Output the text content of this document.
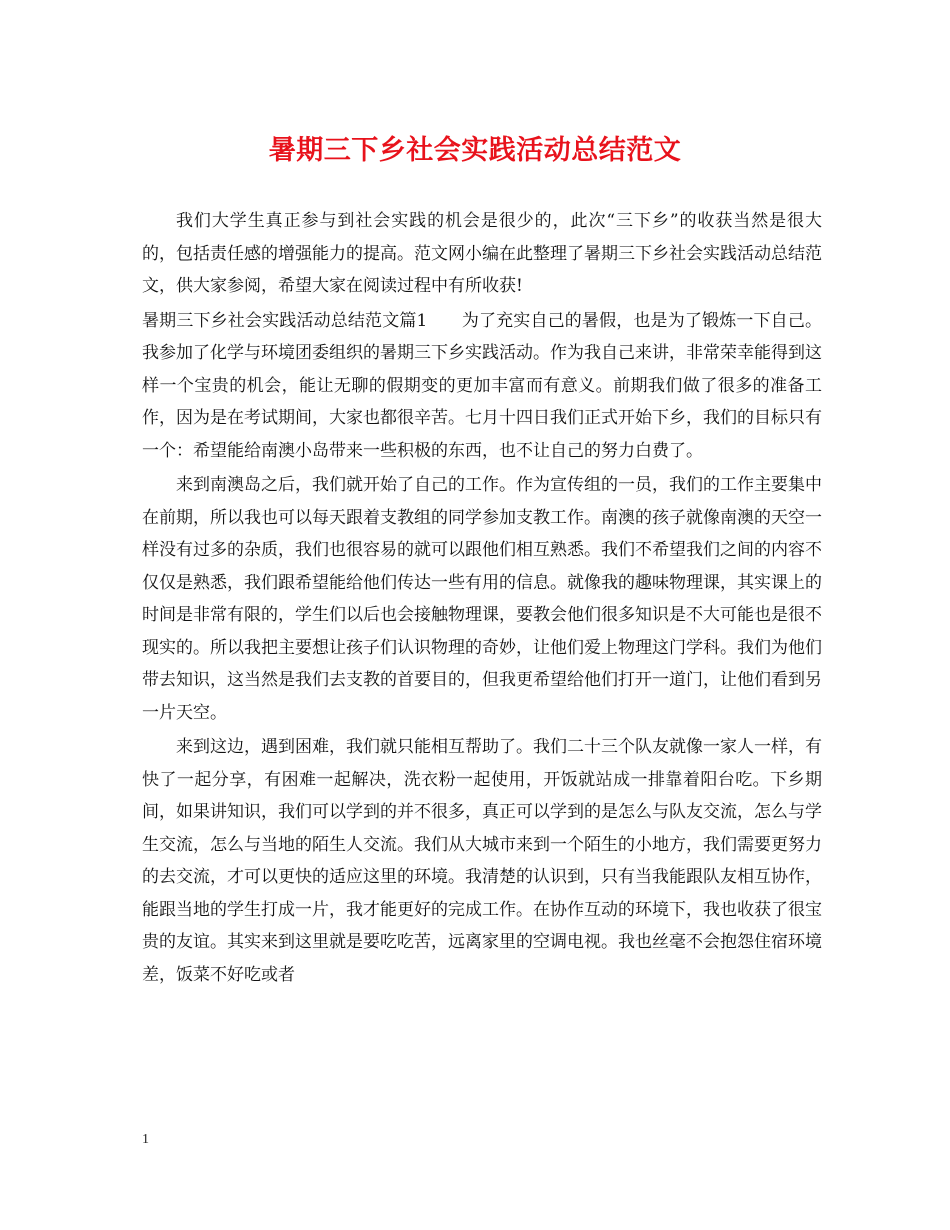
暑期三下乡社会实践活动总结范文

我们大学生真正参与到社会实践的机会是很少的，此次“三下乡”的收获当然是很大的，包括责任感的增强能力的提高。范文网小编在此整理了暑期三下乡社会实践活动总结范文，供大家参阅，希望大家在阅读过程中有所收获!

暑期三下乡社会实践活动总结范文篇1　　为了充实自己的暑假，也是为了锻炼一下自己。我参加了化学与环境团委组织的暑期三下乡实践活动。作为我自己来讲，非常荣幸能得到这样一个宝贵的机会，能让无聊的假期变的更加丰富而有意义。前期我们做了很多的准备工作，因为是在考试期间，大家也都很辛苦。七月十四日我们正式开始下乡，我们的目标只有一个：希望能给南澳小岛带来一些积极的东西，也不让自己的努力白费了。

来到南澳岛之后，我们就开始了自己的工作。作为宣传组的一员，我们的工作主要集中在前期，所以我也可以每天跟着支教组的同学参加支教工作。南澳的孩子就像南澳的天空一样没有过多的杂质，我们也很容易的就可以跟他们相互熟悉。我们不希望我们之间的内容不仅仅是熟悉，我们跟希望能给他们传达一些有用的信息。就像我的趣味物理课，其实课上的时间是非常有限的，学生们以后也会接触物理课，要教会他们很多知识是不大可能也是很不现实的。所以我把主要想让孩子们认识物理的奇妙，让他们爱上物理这门学科。我们为他们带去知识，这当然是我们去支教的首要目的，但我更希望给他们打开一道门，让他们看到另一片天空。

来到这边，遇到困难，我们就只能相互帮助了。我们二十三个队友就像一家人一样，有快了一起分享，有困难一起解决，洗衣粉一起使用，开饭就站成一排靠着阳台吃。下乡期间，如果讲知识，我们可以学到的并不很多，真正可以学到的是怎么与队友交流，怎么与学生交流，怎么与当地的陌生人交流。我们从大城市来到一个陌生的小地方，我们需要更努力的去交流，才可以更快的适应这里的环境。我清楚的认识到，只有当我能跟队友相互协作，能跟当地的学生打成一片，我才能更好的完成工作。在协作互动的环境下，我也收获了很宝贵的友谊。其实来到这里就是要吃吃苦，远离家里的空调电视。我也丝毫不会抱怨住宿环境差，饭菜不好吃或者

1
